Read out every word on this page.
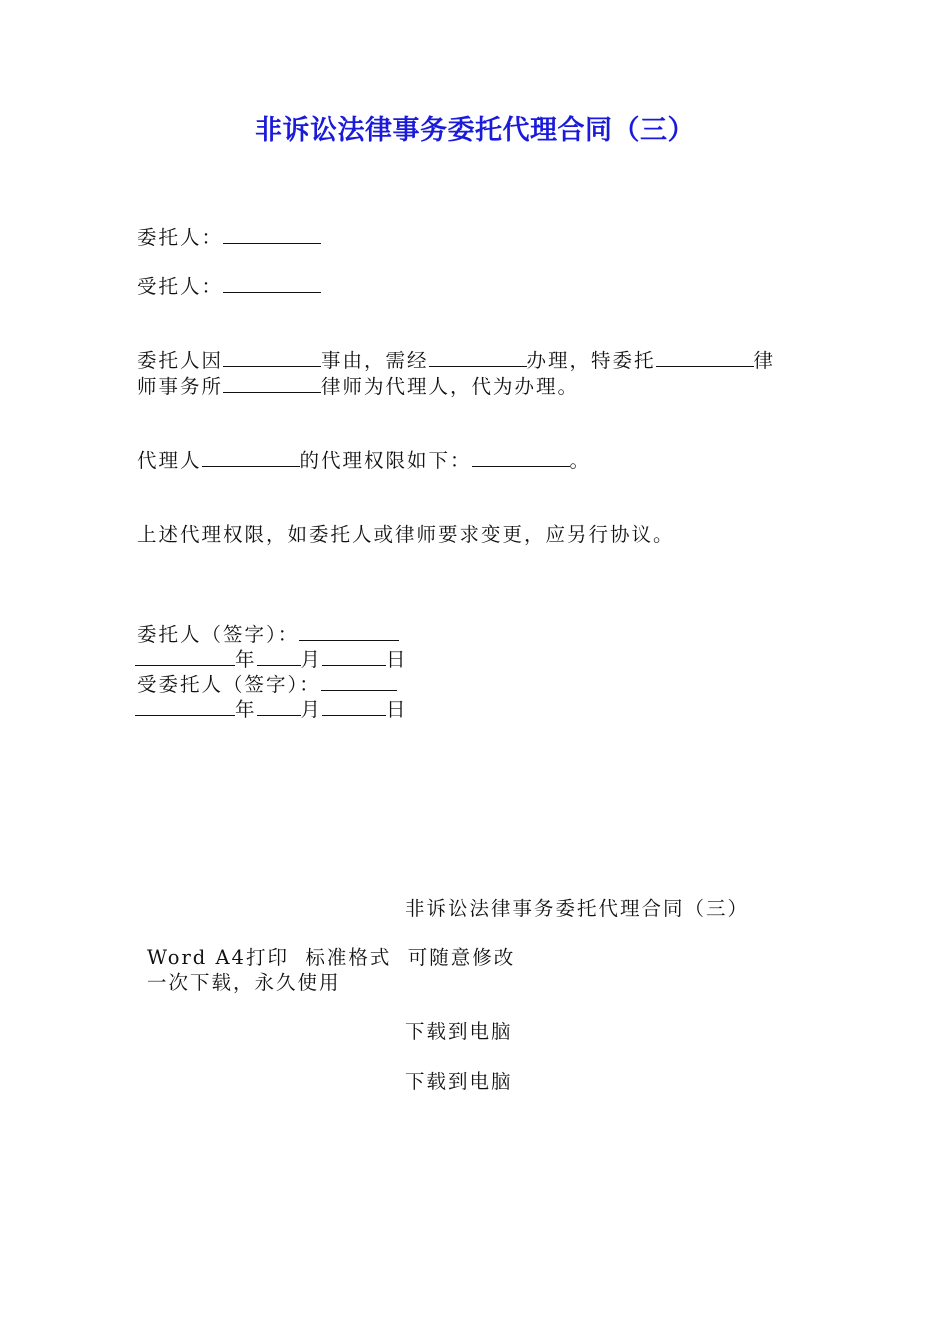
非诉讼法律事务委托代理合同（三）
委托人：
受托人：
委托人因	事由，需经	办理，特委托	律
师事务所	律师为代理人，代为办理。
代理人	的代理权限如下：	。
上述代理权限，如委托人或律师要求变更，应另行协议。
委托人（签字）：
年 月	日
受委托人（签字）：
年 月	日
非诉讼法律事务委托代理合同（三）
Word A4打印  标准格式  可随意修改
一次下载，永久使用
下载到电脑
下载到电脑
